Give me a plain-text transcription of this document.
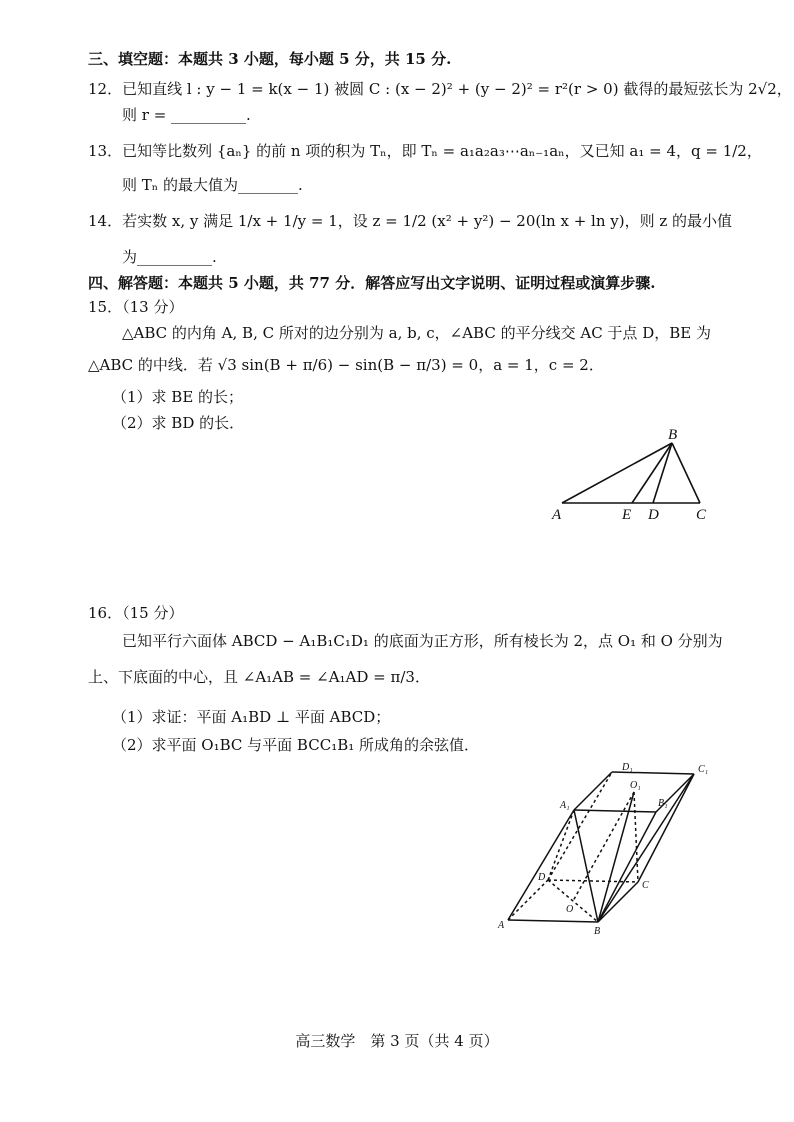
三、填空题：本题共 3 小题，每小题 5 分，共 15 分.
12．已知直线 l : y − 1 = k(x − 1) 被圆 C : (x − 2)² + (y − 2)² = r²(r > 0) 截得的最短弦长为 2√2，
则 r = __________.
13．已知等比数列 {aₙ} 的前 n 项的积为 Tₙ，即 Tₙ = a₁a₂a₃⋯aₙ₋₁aₙ，又已知 a₁ = 4，q = 1/2，
则 Tₙ 的最大值为________.
14．若实数 x, y 满足 1/x + 1/y = 1，设 z = 1/2 (x² + y²) − 20(ln x + ln y)，则 z 的最小值
为__________.
四、解答题：本题共 5 小题，共 77 分．解答应写出文字说明、证明过程或演算步骤.
15．（13 分）
△ABC 的内角 A, B, C 所对的边分别为 a, b, c，∠ABC 的平分线交 AC 于点 D，BE 为
△ABC 的中线．若 √3 sin(B + π/6) − sin(B − π/3) = 0，a = 1，c = 2．
（1）求 BE 的长；
（2）求 BD 的长．
B
A	E D C
16．（15 分）
已知平行六面体 ABCD − A₁B₁C₁D₁ 的底面为正方形，所有棱长为 2，点 O₁ 和 O 分别为
上、下底面的中心，且 ∠A₁AB = ∠A₁AD = π/3．
（1）求证：平面 A₁BD ⊥ 平面 ABCD；
（2）求平面 O₁BC 与平面 BCC₁B₁ 所成角的余弦值．
D₁	C₁
A₁
O₁
B₁
D
C
O
A
B
高三数学　第 3 页（共 4 页）
